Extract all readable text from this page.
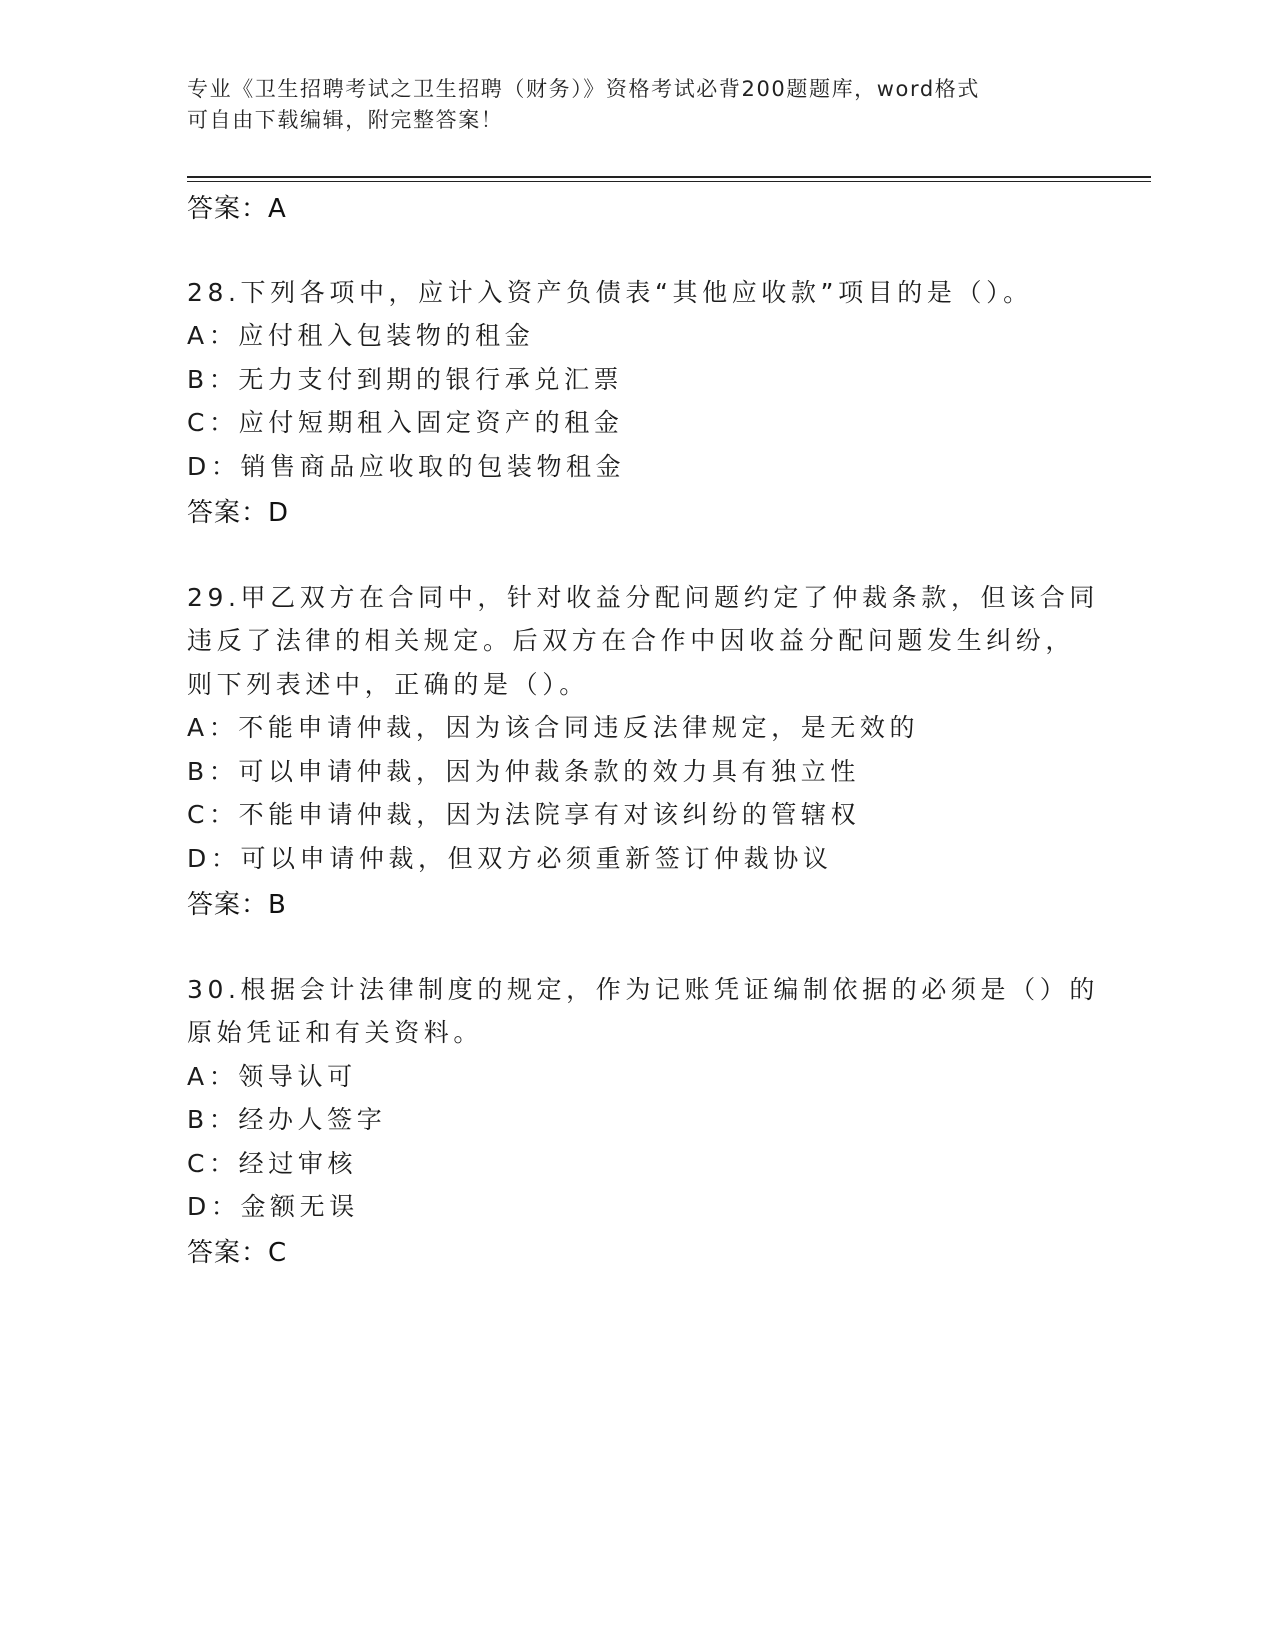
专业《卫生招聘考试之卫生招聘（财务）》资格考试必背200题题库，word格式
可自由下载编辑，附完整答案！
答案：A
28.下列各项中，应计入资产负债表“其他应收款”项目的是（）。
A：应付租入包装物的租金
B：无力支付到期的银行承兑汇票
C：应付短期租入固定资产的租金
D：销售商品应收取的包装物租金
答案：D
29.甲乙双方在合同中，针对收益分配问题约定了仲裁条款，但该合同
违反了法律的相关规定。后双方在合作中因收益分配问题发生纠纷，
则下列表述中，正确的是（）。
A：不能申请仲裁，因为该合同违反法律规定，是无效的
B：可以申请仲裁，因为仲裁条款的效力具有独立性
C：不能申请仲裁，因为法院享有对该纠纷的管辖权
D：可以申请仲裁，但双方必须重新签订仲裁协议
答案：B
30.根据会计法律制度的规定，作为记账凭证编制依据的必须是（）的
原始凭证和有关资料。
A：领导认可
B：经办人签字
C：经过审核
D：金额无误
答案：C
